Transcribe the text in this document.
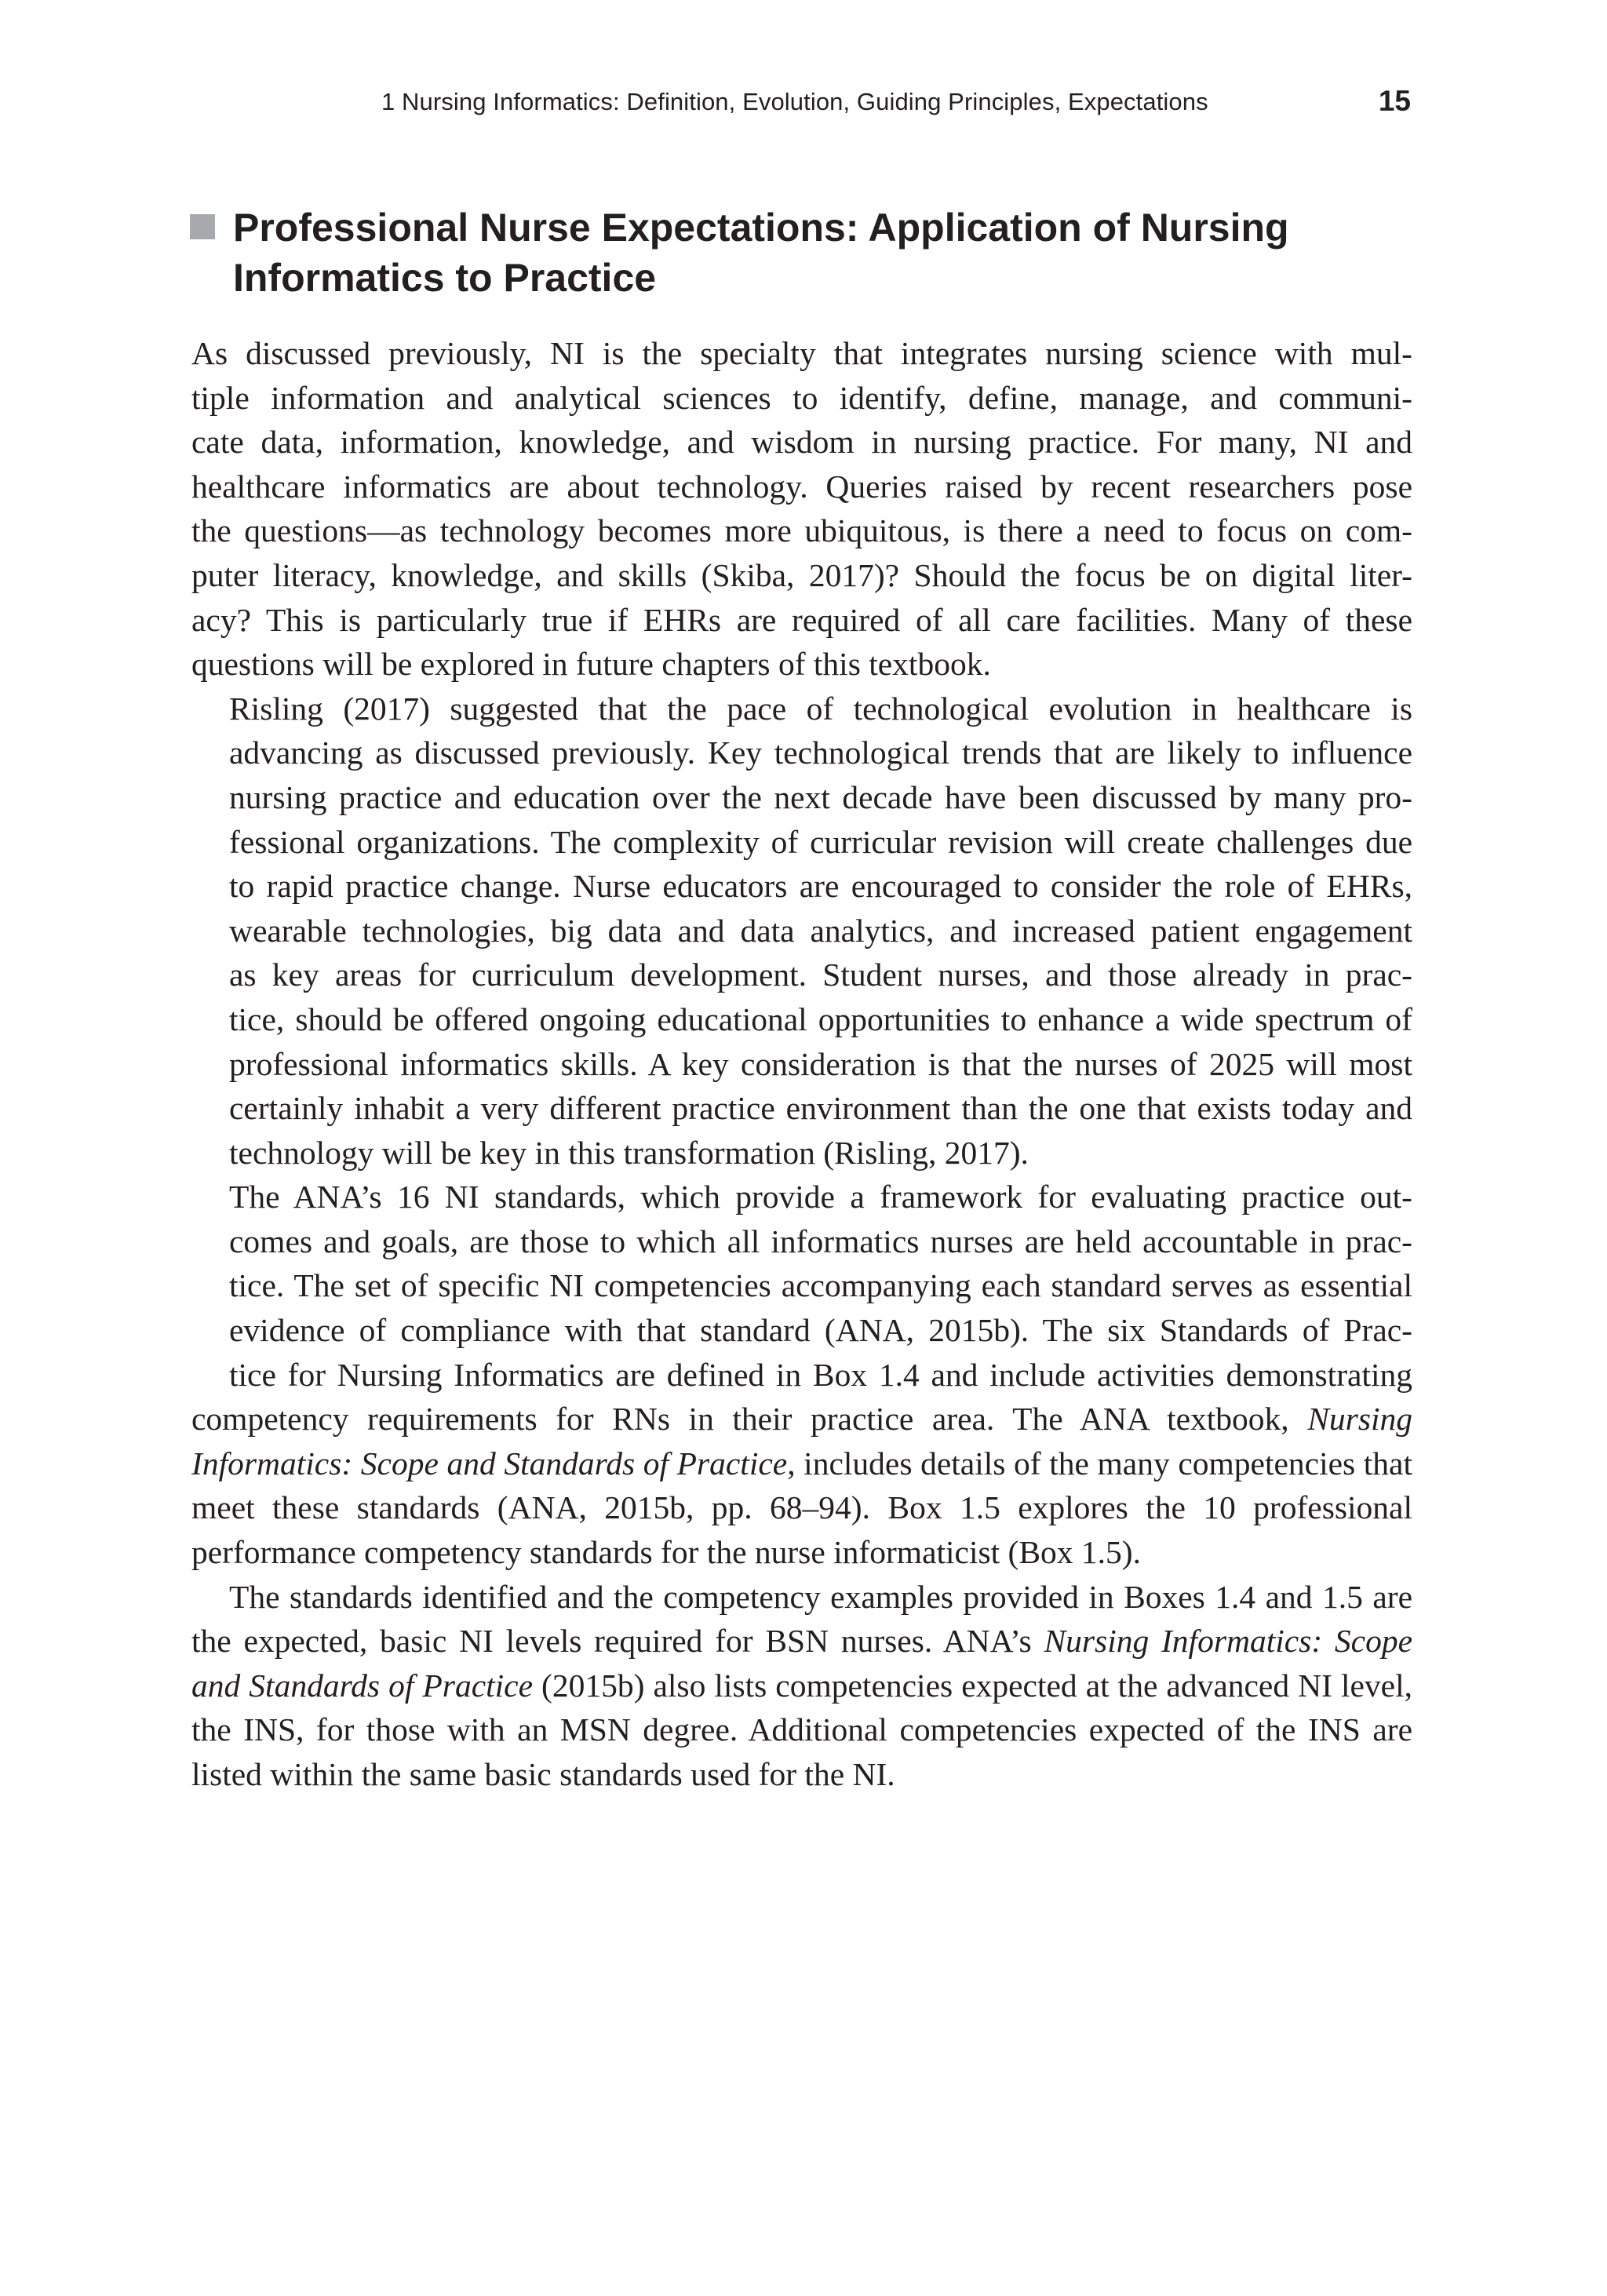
1 Nursing Informatics: Definition, Evolution, Guiding Principles, Expectations	15
Professional Nurse Expectations: Application of Nursing
Informatics to Practice

As discussed previously, NI is the specialty that integrates nursing science with mul-
tiple information and analytical sciences to identify, define, manage, and communi-
cate data, information, knowledge, and wisdom in nursing practice. For many, NI and
healthcare informatics are about technology. Queries raised by recent researchers pose
the questions—as technology becomes more ubiquitous, is there a need to focus on com-
puter literacy, knowledge, and skills (Skiba, 2017)? Should the focus be on digital liter-
acy? This is particularly true if EHRs are required of all care facilities. Many of these
questions will be explored in future chapters of this textbook.

Risling (2017) suggested that the pace of technological evolution in healthcare is
advancing as discussed previously. Key technological trends that are likely to influence
nursing practice and education over the next decade have been discussed by many pro-
fessional organizations. The complexity of curricular revision will create challenges due
to rapid practice change. Nurse educators are encouraged to consider the role of EHRs,
wearable technologies, big data and data analytics, and increased patient engagement
as key areas for curriculum development. Student nurses, and those already in prac-
tice, should be offered ongoing educational opportunities to enhance a wide spectrum of
professional informatics skills. A key consideration is that the nurses of 2025 will most
certainly inhabit a very different practice environment than the one that exists today and
technology will be key in this transformation (Risling, 2017).

The ANA’s 16 NI standards, which provide a framework for evaluating practice out-
comes and goals, are those to which all informatics nurses are held accountable in prac-
tice. The set of specific NI competencies accompanying each standard serves as essential
evidence of compliance with that standard (ANA, 2015b). The six Standards of Prac-
tice for Nursing Informatics are defined in Box 1.4 and include activities demonstrating
competency requirements for RNs in their practice area. The ANA textbook, Nursing Informatics: Scope and Standards of Practice, includes details of the many competencies that meet these standards (ANA, 2015b, pp. 68–94). Box 1.5 explores the 10 professional performance competency standards for the nurse informaticist (Box 1.5).

The standards identified and the competency examples provided in Boxes 1.4 and 1.5 are the expected, basic NI levels required for BSN nurses. ANA’s Nursing Informatics: Scope and Standards of Practice (2015b) also lists competencies expected at the advanced NI level, the INS, for those with an MSN degree. Additional competencies expected of the INS are listed within the same basic standards used for the NI.
